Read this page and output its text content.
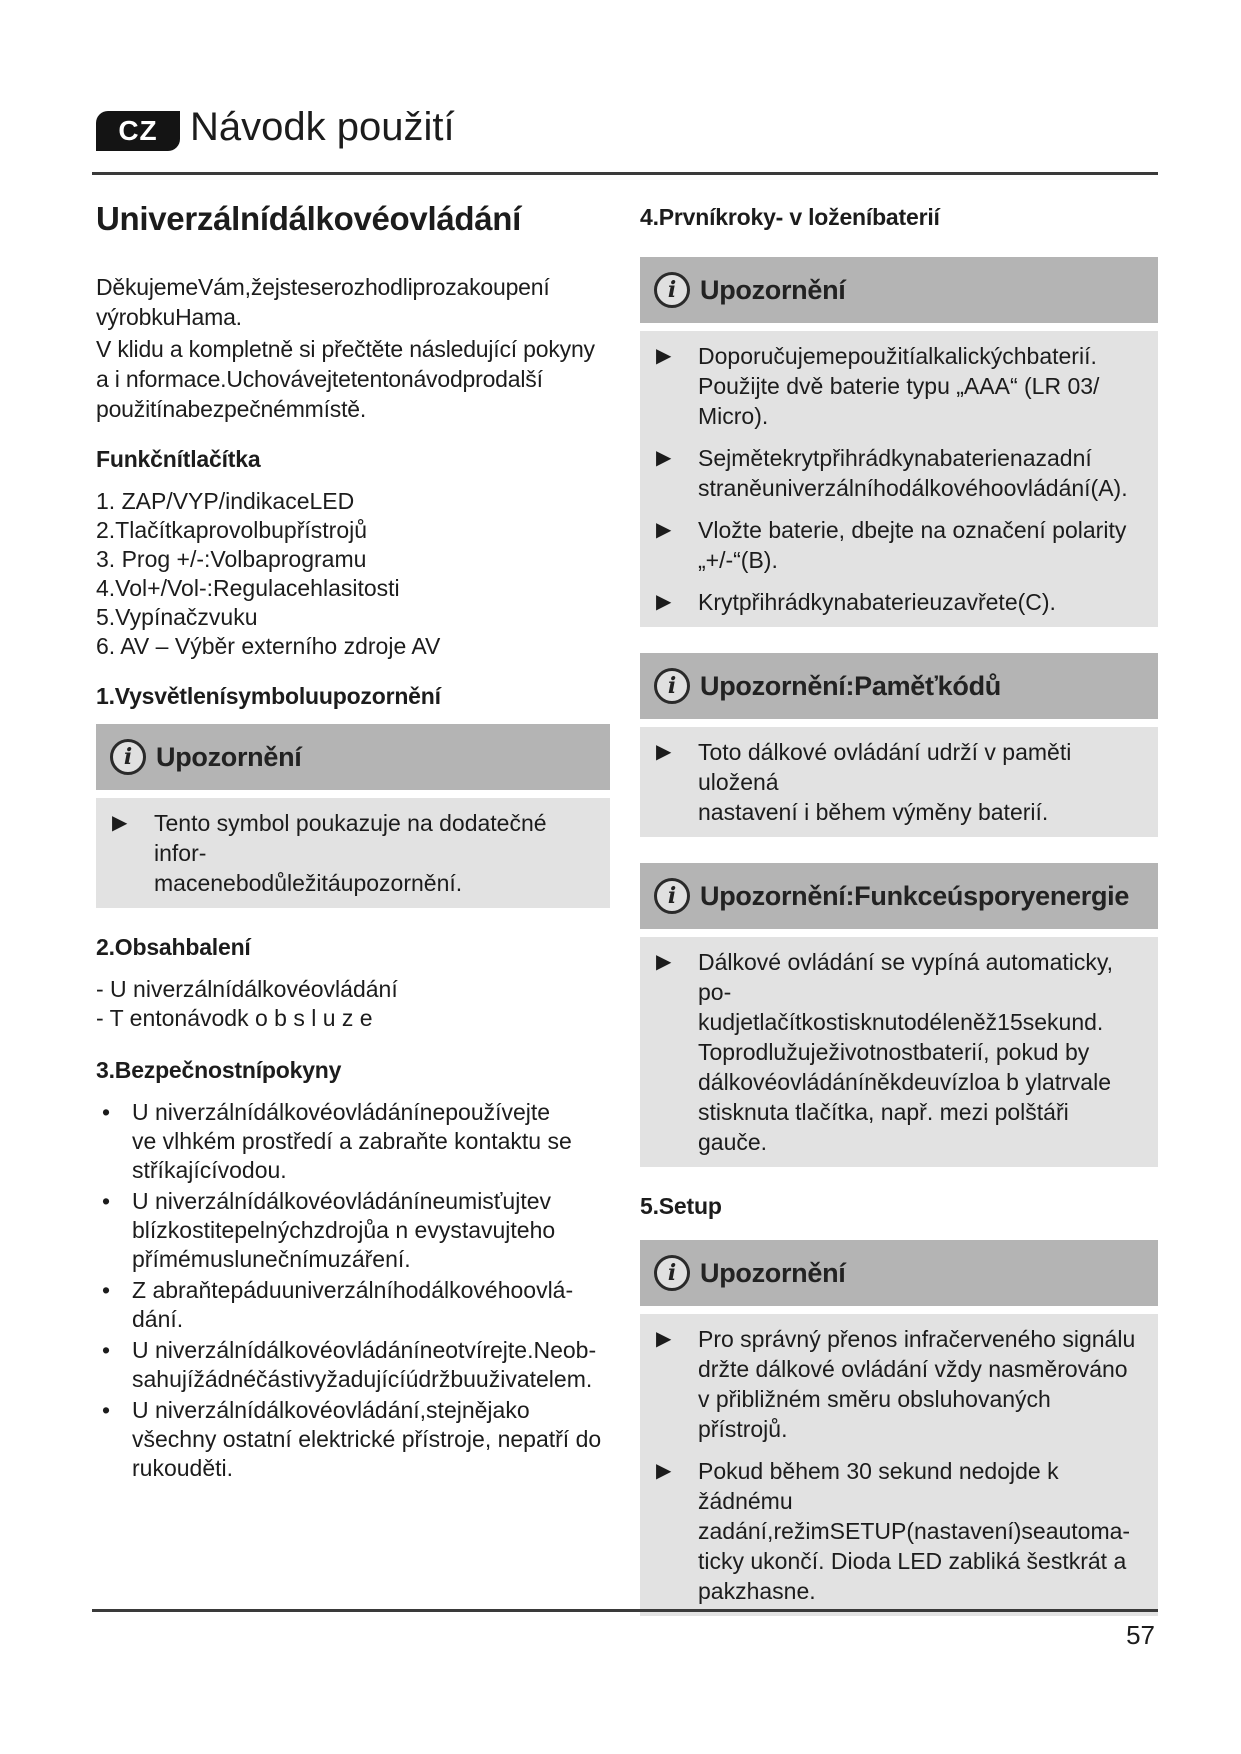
CZ Návodk použití
Univerzálnídálkovéovládání

DěkujemeVám,žejsteserozhodliprozakoupení

výrobkuHama.

V klidu a kompletně si přečtěte následující pokyny

a i nformace.Uchovávejtetentonávodprodalší

použitínabezpečnémmístě.

Funkčnítlačítka
1. ZAP/VYP/indikaceLED
2.Tlačítkaprovolbupřístrojů
3. Prog +/-:Volbaprogramu
4.Vol+/Vol-:Regulacehlasitosti
5.Vypínačzvuku
6. AV – Výběr externího zdroje AV
1.Vysvětlenísymboluupozornění
i Upozornění
▶ Tento symbol poukazuje na dodatečné infor-
macenebodůležitáupozornění.
2.Obsahbalení
- U niverzálnídálkovéovládání
- T entonávodk o b s l u z e
3.Bezpečnostnípokyny
• U niverzálnídálkovéovládánínepoužívejte
ve vlhkém prostředí a zabraňte kontaktu se
stříkajícívodou.
• U niverzálnídálkovéovládáníneumisťujtev
blízkostitepelnýchzdrojůa n evystavujteho
přímémuslunečnímuzáření.
• Z abraňtepáduuniverzálníhodálkovéhoovlá-
dání.
• U niverzálnídálkovéovládáníneotvírejte.Neob-
sahujížádnéčástivyžadujícíúdržbuuživatelem.
• U niverzálnídálkovéovládání,stejnějako
všechny ostatní elektrické přístroje, nepatří do
rukouděti.
4.Prvníkroky- v loženíbaterií
i Upozornění
▶ Doporučujemepoužitíalkalickýchbaterií.
Použijte dvě baterie typu „AAA“ (LR 03/
Micro).
▶ Sejmětekrytpřihrádkynabaterienazadní
straněuniverzálníhodálkovéhoovládání(A).
▶ Vložte baterie, dbejte na označení polarity
„+/-“(B).
▶ Krytpřihrádkynabaterieuzavřete(C).
i Upozornění:Paměťkódů
▶ Toto dálkové ovládání udrží v paměti uložená
nastavení i během výměny baterií.
i Upozornění:Funkceúsporyenergie
▶ Dálkové ovládání se vypíná automaticky, po-
kudjetlačítkostisknutodéleněž15sekund.
Toprodlužuježivotnostbaterií, pokud by
dálkovéovládáníněkdeuvízloa b ylatrvale
stisknuta tlačítka, např. mezi polštáři gauče.
5.Setup
i Upozornění
▶ Pro správný přenos infračerveného signálu
držte dálkové ovládání vždy nasměrováno
v přibližném směru obsluhovaných přístrojů.
▶ Pokud během 30 sekund nedojde k žádnému
zadání,režimSETUP(nastavení)seautoma-
ticky ukončí. Dioda LED zabliká šestkrát a
pakzhasne.
57
